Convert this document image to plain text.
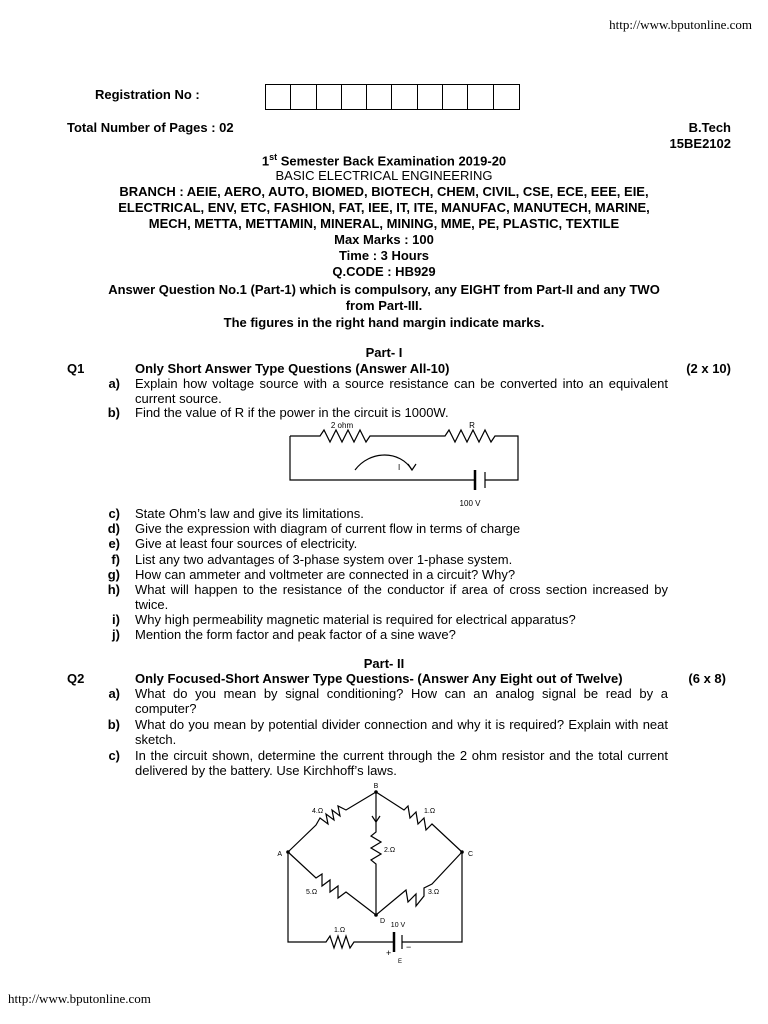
http://www.bputonline.com
Registration No :
Total Number of Pages : 02	B.Tech
15BE2102
1st Semester Back Examination 2019-20
BASIC ELECTRICAL ENGINEERING
BRANCH : AEIE, AERO, AUTO, BIOMED, BIOTECH, CHEM, CIVIL, CSE, ECE, EEE, EIE,
ELECTRICAL, ENV, ETC, FASHION, FAT, IEE, IT, ITE, MANUFAC, MANUTECH, MARINE,
MECH, METTA, METTAMIN, MINERAL, MINING, MME, PE, PLASTIC, TEXTILE
Max Marks : 100
Time : 3 Hours
Q.CODE : HB929
Answer Question No.1 (Part-1) which is compulsory, any EIGHT from Part-II and any TWO
from Part-III.
The figures in the right hand margin indicate marks.
Part- I
Q1	Only Short Answer Type Questions (Answer All-10)	(2 x 10)
a) Explain how voltage source with a source resistance can be converted into an equivalent current source.
b) Find the value of R if the power in the circuit is 1000W.
2 ohm	R
I
100 V
c) State Ohm’s law and give its limitations.
d) Give the expression with diagram of current flow in terms of charge
e) Give at least four sources of electricity.
f) List any two advantages of 3-phase system over 1-phase system.
g) How can ammeter and voltmeter are connected in a circuit? Why?
h) What will happen to the resistance of the conductor if area of cross section increased by twice.
i) Why high permeability magnetic material is required for electrical apparatus?
j) Mention the form factor and peak factor of a sine wave?
Part- II
Q2	Only Focused-Short Answer Type Questions- (Answer Any Eight out of Twelve)	(6 x 8)
a) What do you mean by signal conditioning? How can an analog signal be read by a computer?
b) What do you mean by potential divider connection and why it is required? Explain with neat sketch.
c) In the circuit shown, determine the current through the 2 ohm resistor and the total current delivered by the battery. Use Kirchhoff’s laws.
A
B
C
D
4.Ω	1.Ω
2.Ω
5.Ω	3.Ω
1.Ω
10 V
+
−
E
http://www.bputonline.com
